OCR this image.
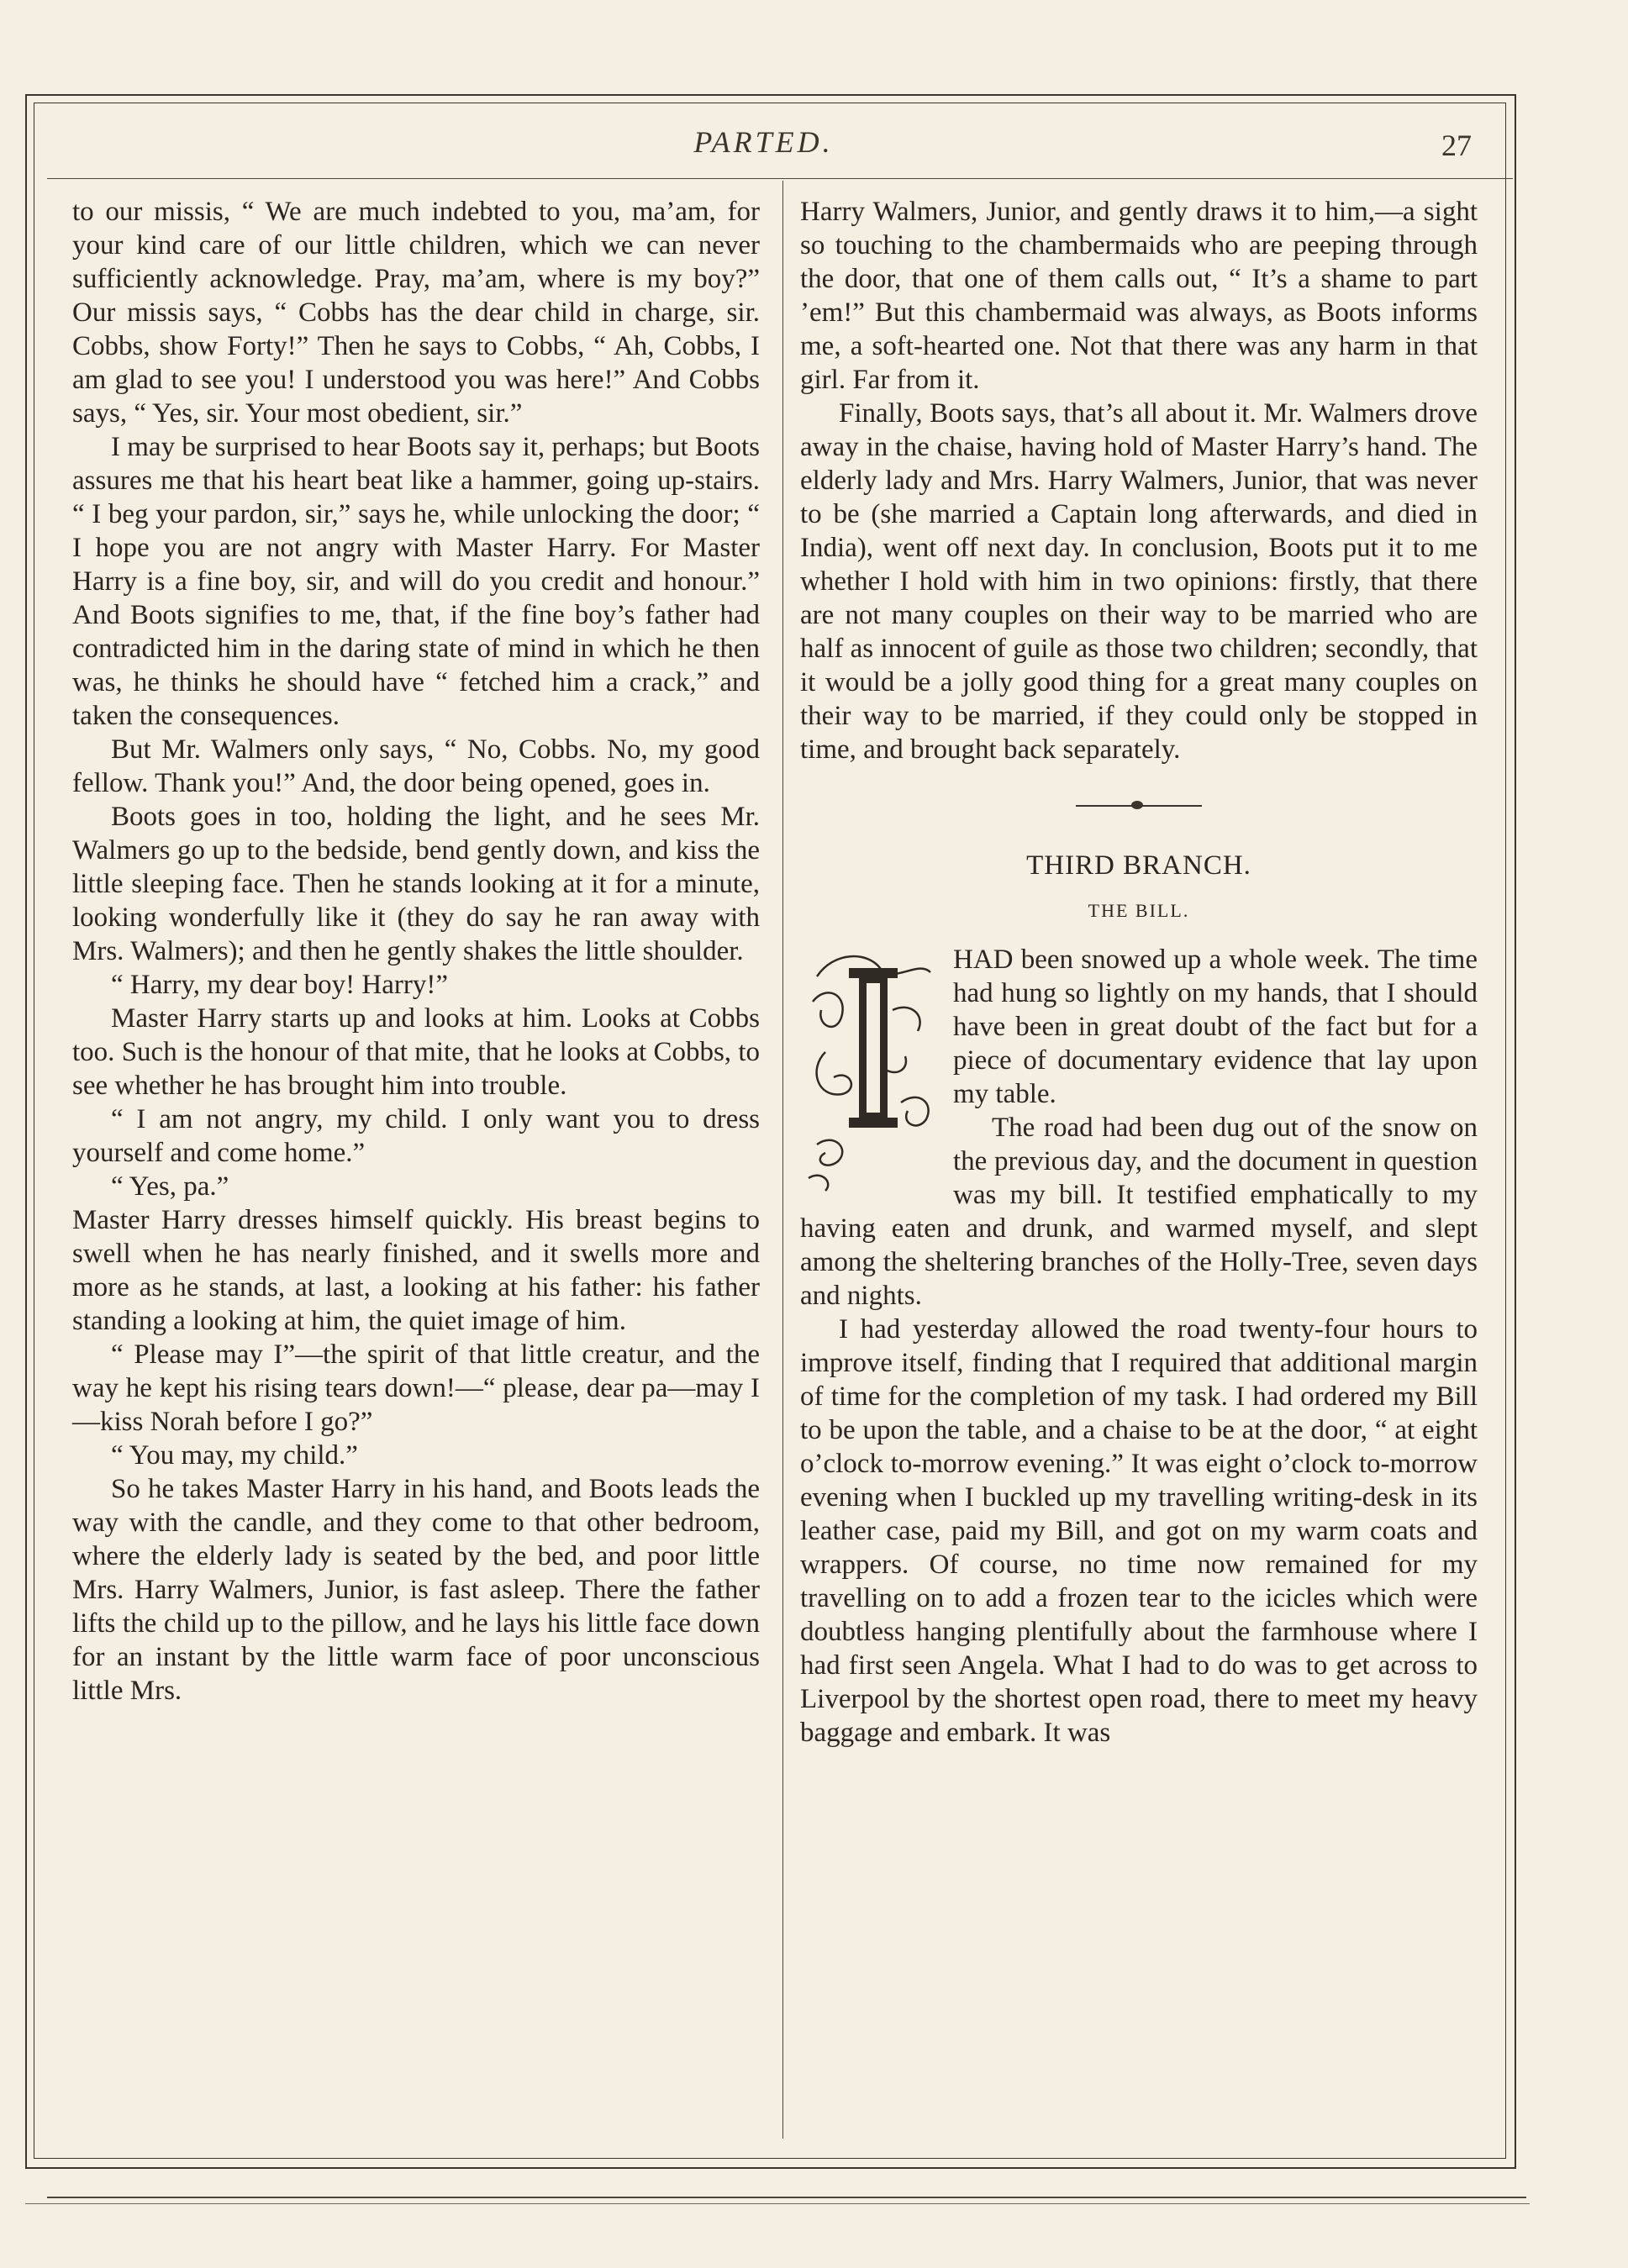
PARTED.	27

to our missis, “ We are much indebted to you, ma’am, for your kind care of our little children, which we can never sufficiently acknowledge. Pray, ma’am, where is my boy?” Our missis says, “ Cobbs has the dear child in charge, sir. Cobbs, show Forty!” Then he says to Cobbs, “ Ah, Cobbs, I am glad to see you! I understood you was here!” And Cobbs says, “ Yes, sir. Your most obedient, sir.”

I may be surprised to hear Boots say it, perhaps; but Boots assures me that his heart beat like a hammer, going up-stairs. “ I beg your pardon, sir,” says he, while unlocking the door; “ I hope you are not angry with Master Harry. For Master Harry is a fine boy, sir, and will do you credit and honour.” And Boots signifies to me, that, if the fine boy’s father had contradicted him in the daring state of mind in which he then was, he thinks he should have “ fetched him a crack,” and taken the consequences.

But Mr. Walmers only says, “ No, Cobbs. No, my good fellow. Thank you!” And, the door being opened, goes in.

Boots goes in too, holding the light, and he sees Mr. Walmers go up to the bedside, bend gently down, and kiss the little sleeping face. Then he stands looking at it for a minute, looking wonderfully like it (they do say he ran away with Mrs. Walmers); and then he gently shakes the little shoulder.

“ Harry, my dear boy! Harry!”

Master Harry starts up and looks at him. Looks at Cobbs too. Such is the honour of that mite, that he looks at Cobbs, to see whether he has brought him into trouble.

“ I am not angry, my child. I only want you to dress yourself and come home.”

“ Yes, pa.”

Master Harry dresses himself quickly. His breast begins to swell when he has nearly finished, and it swells more and more as he stands, at last, a looking at his father: his father standing a looking at him, the quiet image of him.

“ Please may I”—the spirit of that little creatur, and the way he kept his rising tears down!—“ please, dear pa—may I—kiss Norah before I go?”

“ You may, my child.”

So he takes Master Harry in his hand, and Boots leads the way with the candle, and they come to that other bedroom, where the elderly lady is seated by the bed, and poor little Mrs. Harry Walmers, Junior, is fast asleep. There the father lifts the child up to the pillow, and he lays his little face down for an instant by the little warm face of poor unconscious little Mrs.

Harry Walmers, Junior, and gently draws it to him,—a sight so touching to the chambermaids who are peeping through the door, that one of them calls out, “ It’s a shame to part ’em!” But this chambermaid was always, as Boots informs me, a soft-hearted one. Not that there was any harm in that girl. Far from it.

Finally, Boots says, that’s all about it. Mr. Walmers drove away in the chaise, having hold of Master Harry’s hand. The elderly lady and Mrs. Harry Walmers, Junior, that was never to be (she married a Captain long afterwards, and died in India), went off next day. In conclusion, Boots put it to me whether I hold with him in two opinions: firstly, that there are not many couples on their way to be married who are half as innocent of guile as those two children; secondly, that it would be a jolly good thing for a great many couples on their way to be married, if they could only be stopped in time, and brought back separately.

THIRD BRANCH.
THE BILL.

HAD been snowed up a whole week. The time had hung so lightly on my hands, that I should have been in great doubt of the fact but for a piece of documentary evidence that lay upon my table.

The road had been dug out of the snow on the previous day, and the document in question was my bill. It testified emphatically to my having eaten and drunk, and warmed myself, and slept among the sheltering branches of the Holly-Tree, seven days and nights.

I had yesterday allowed the road twenty-four hours to improve itself, finding that I required that additional margin of time for the completion of my task. I had ordered my Bill to be upon the table, and a chaise to be at the door, “ at eight o’clock to-morrow evening.” It was eight o’clock to-morrow evening when I buckled up my travelling writing-desk in its leather case, paid my Bill, and got on my warm coats and wrappers. Of course, no time now remained for my travelling on to add a frozen tear to the icicles which were doubtless hanging plentifully about the farmhouse where I had first seen Angela. What I had to do was to get across to Liverpool by the shortest open road, there to meet my heavy baggage and embark. It was
